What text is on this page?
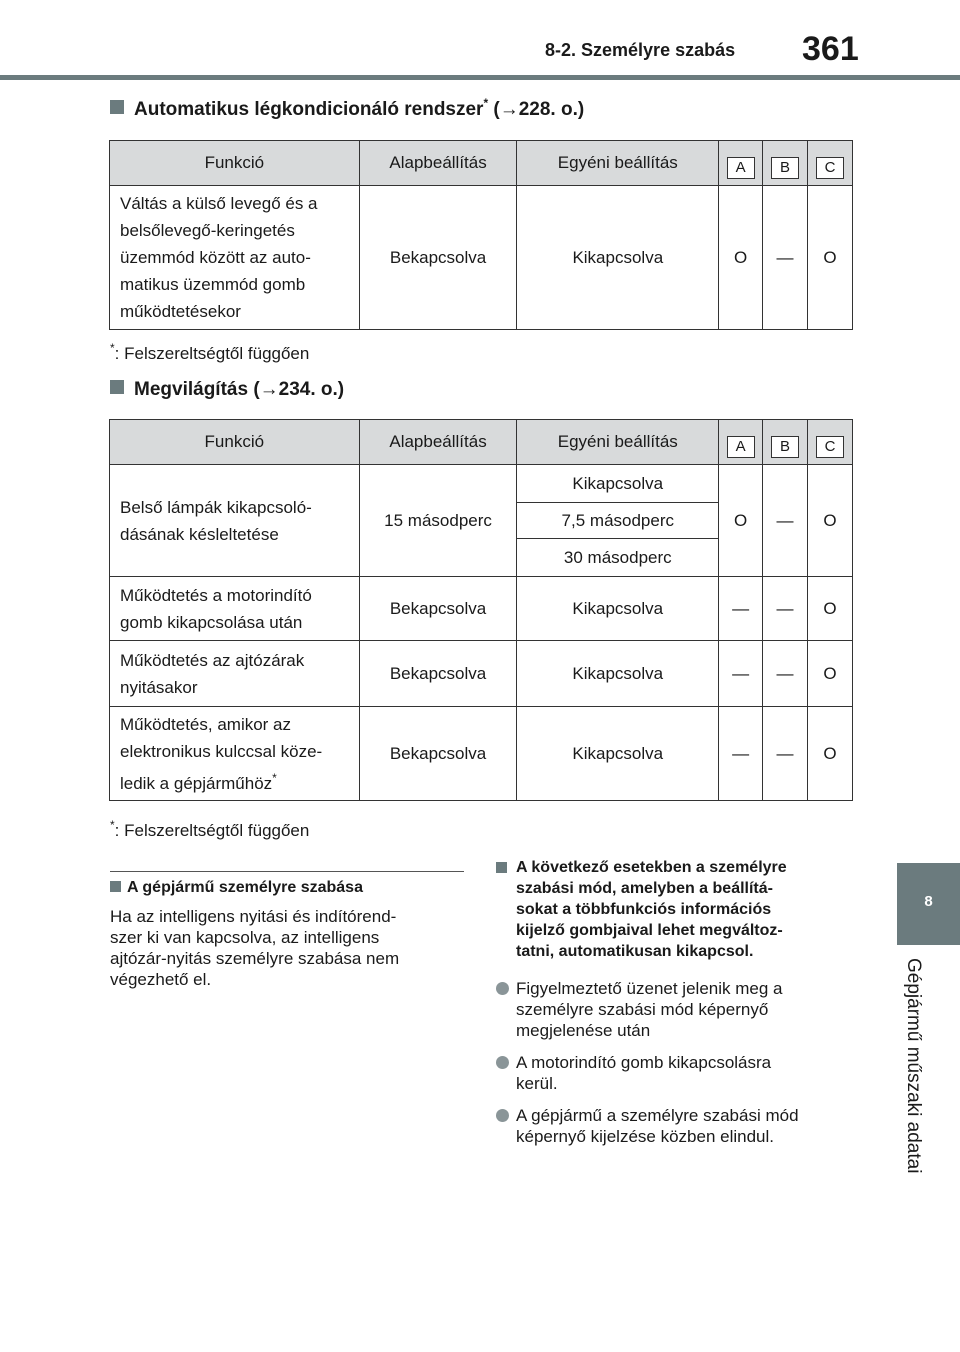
8-2. Személyre szabás 361
8
Gépjármű műszaki adatai
Automatikus légkondicionáló rendszer* (→228. o.)
Funkció	Alapbeállítás	Egyéni beállítás	A	B	C

Váltás a külső levegő és a
belsőlevegő-keringetés
üzemmód között az auto-
matikus üzemmód gomb
működtetésekor	Bekapcsolva	Kikapcsolva	O	—	O
*: Felszereltségtől függően
Megvilágítás (→234. o.)
Funkció	Alapbeállítás	Egyéni beállítás	A	B	C

Belső lámpák kikapcsoló-
dásának késleltetése	15 másodperc	Kikapcsolva	O	—	O
		7,5 másodperc			
		30 másodperc			

Működtetés a motorindító
gomb kikapcsolása után	Bekapcsolva	Kikapcsolva	—	—	O

Működtetés az ajtózárak
nyitásakor	Bekapcsolva	Kikapcsolva	—	—	O

Működtetés, amikor az
elektronikus kulccsal köze-
ledik a gépjárműhöz*	Bekapcsolva	Kikapcsolva	—	—	O
*: Felszereltségtől függően
A gépjármű személyre szabása
Ha az intelligens nyitási és indítórend-
szer ki van kapcsolva, az intelligens
ajtózár-nyitás személyre szabása nem
végezhető el.
A következő esetekben a személyre
szabási mód, amelyben a beállítá-
sokat a többfunkciós információs
kijelző gombjaival lehet megváltoz-
tatni, automatikusan kikapcsol.
Figyelmeztető üzenet jelenik meg a
személyre szabási mód képernyő
megjelenése után
A motorindító gomb kikapcsolásra
kerül.
A gépjármű a személyre szabási mód
képernyő kijelzése közben elindul.
